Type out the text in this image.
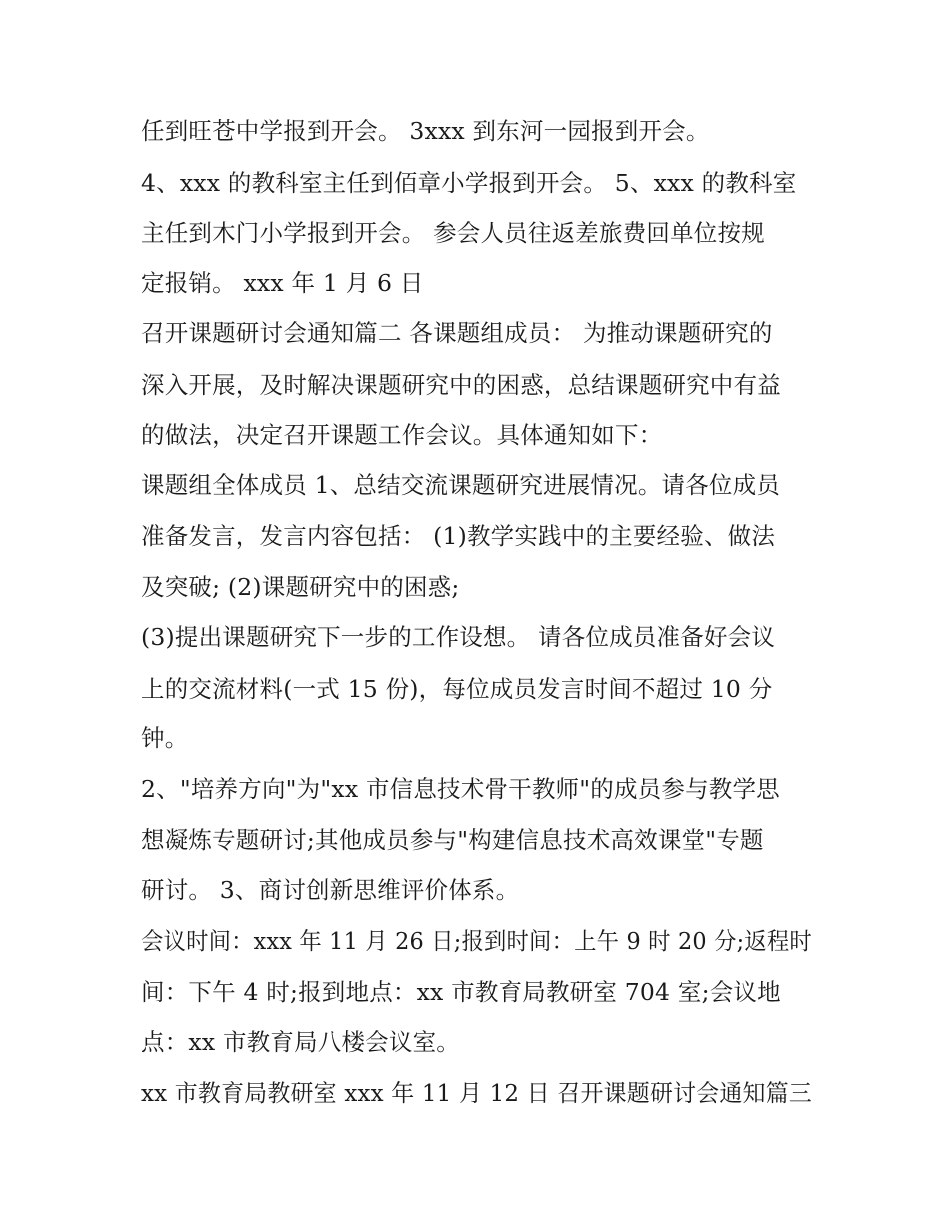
任到旺苍中学报到开会。 3xxx 到东河一园报到开会。
4、xxx 的教科室主任到佰章小学报到开会。 5、xxx 的教科室
主任到木门小学报到开会。 参会人员往返差旅费回单位按规
定报销。 xxx 年 1 月 6 日
召开课题研讨会通知篇二 各课题组成员： 为推动课题研究的
深入开展，及时解决课题研究中的困惑，总结课题研究中有益
的做法，决定召开课题工作会议。具体通知如下：
课题组全体成员 1、总结交流课题研究进展情况。请各位成员
准备发言，发言内容包括： (1)教学实践中的主要经验、做法
及突破; (2)课题研究中的困惑;
(3)提出课题研究下一步的工作设想。 请各位成员准备好会议
上的交流材料(一式 15 份)，每位成员发言时间不超过 10 分
钟。
2、"培养方向"为"xx 市信息技术骨干教师"的成员参与教学思
想凝炼专题研讨;其他成员参与"构建信息技术高效课堂"专题
研讨。 3、商讨创新思维评价体系。
会议时间：xxx 年 11 月 26 日;报到时间：上午 9 时 20 分;返程时
间：下午 4 时;报到地点：xx 市教育局教研室 704 室;会议地
点：xx 市教育局八楼会议室。
xx 市教育局教研室 xxx 年 11 月 12 日 召开课题研讨会通知篇三
